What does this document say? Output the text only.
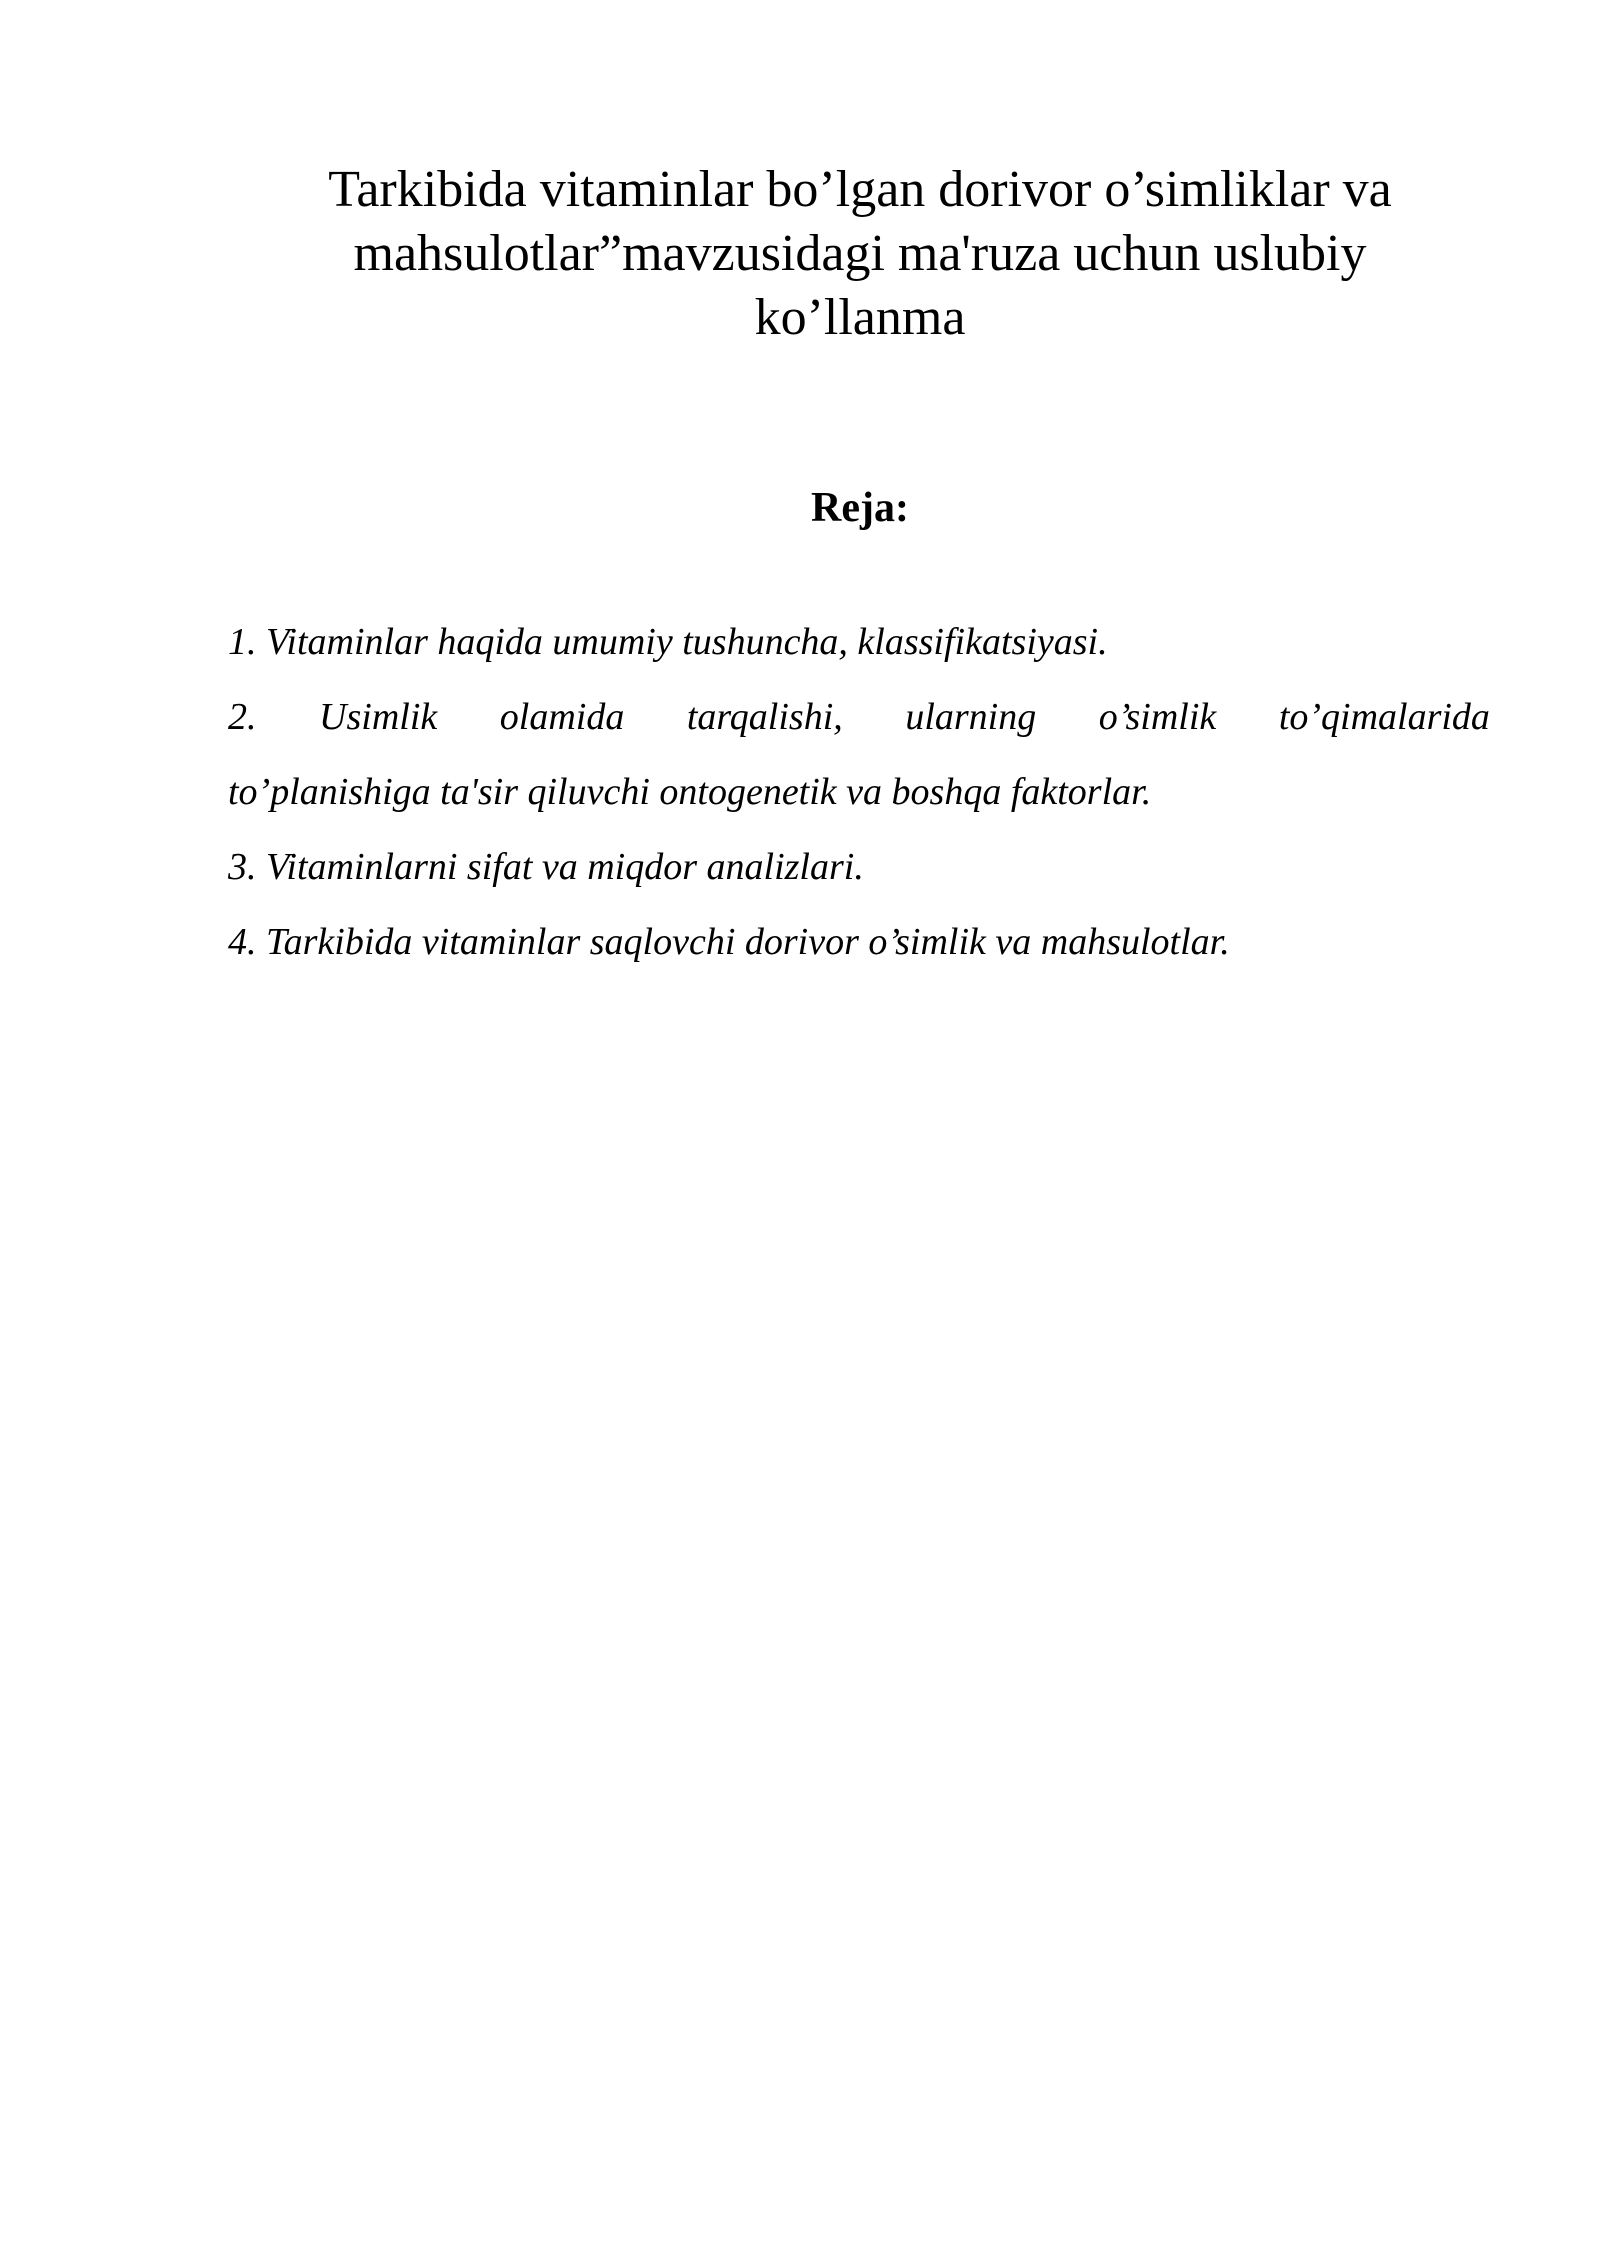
Tarkibida vitaminlar bo’lgan dorivor o’simliklar va
mahsulotlar”mavzusidagi ma'ruza uchun uslubiy
ko’llanma
Reja:
1. Vitaminlar haqida umumiy tushuncha, klassifikatsiyasi.
2. Usimlik olamida tarqalishi, ularning o’simlik to’qimalarida
to’planishiga ta'sir qiluvchi ontogenetik va boshqa faktorlar.
3. Vitaminlarni sifat va miqdor analizlari.
4. Tarkibida vitaminlar saqlovchi dorivor o’simlik va mahsulotlar.
